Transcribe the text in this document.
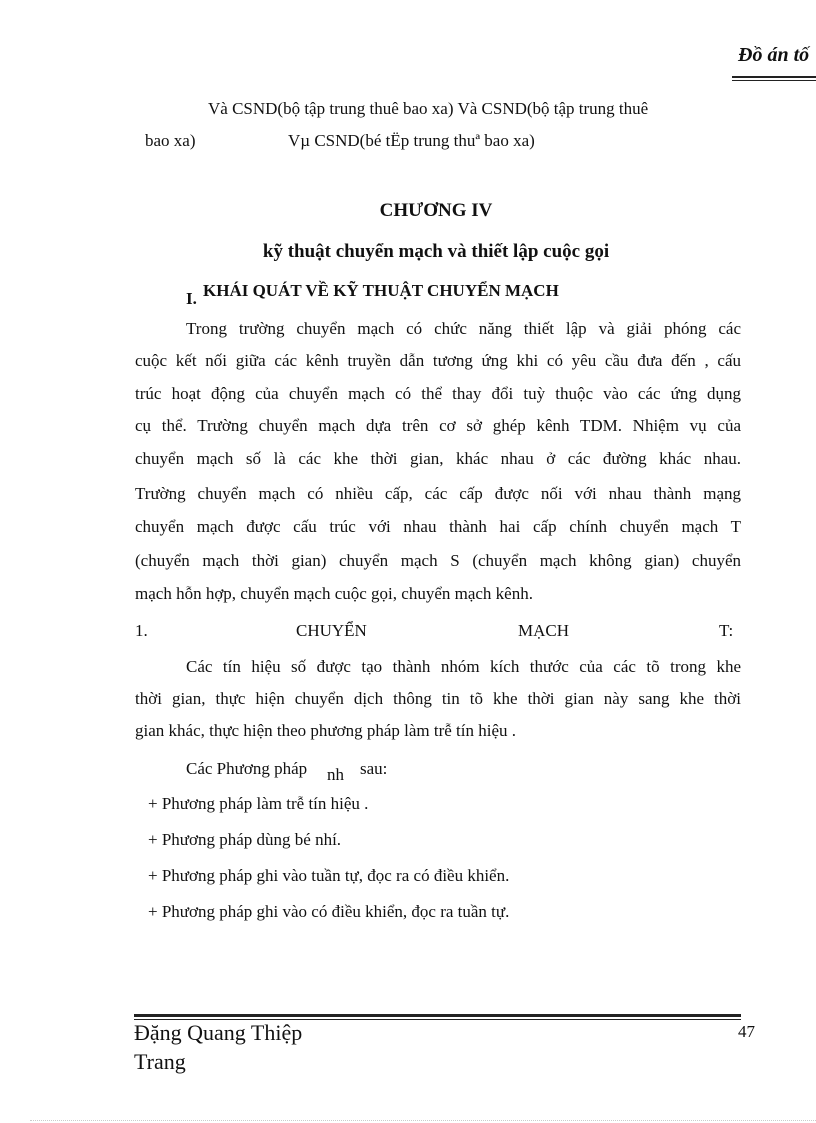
Đồ án tố
Và CSND(bộ tập trung thuê bao xa) Và CSND(bộ tập trung thuê
bao xa)	Vµ CSND(bé tËp trung thuª bao xa)
CHƯƠNG IV
kỹ thuật chuyển mạch và thiết lập cuộc gọi
I. KHÁI QUÁT VỀ KỸ THUẬT CHUYỂN MẠCH
Trong trường chuyển mạch có chức năng thiết lập và giải phóng các
cuộc kết nối giữa các kênh truyền dẫn tương ứng khi có yêu cầu đưa đến , cấu
trúc hoạt động của chuyển mạch có thể thay đổi tuỳ thuộc vào các ứng dụng
cụ thể. Trường chuyển mạch dựa trên cơ sở ghép kênh TDM. Nhiệm vụ của
chuyển mạch số là các khe thời gian, khác nhau ở các đường khác nhau.
Trường chuyển mạch có nhiều cấp, các cấp được nối với nhau thành mạng
chuyển mạch được cấu trúc với nhau thành hai cấp chính chuyển mạch T
(chuyển mạch thời gian) chuyển mạch S (chuyển mạch không gian) chuyển
mạch hỗn hợp, chuyển mạch cuộc gọi, chuyển mạch kênh.
1.	CHUYỂN	MẠCH	T:
Các tín hiệu số được tạo thành nhóm kích thước của các tõ trong khe
thời gian, thực hiện chuyển dịch thông tin tõ khe thời gian này sang khe thời
gian khác, thực hiện theo phương pháp làm trễ tín hiệu .
Các Phương pháp nh sau:
+ Phương pháp làm trễ tín hiệu .
+ Phương pháp dùng bé nhí.
+ Phương pháp ghi vào tuần tự, đọc ra có điều khiển.
+ Phương pháp ghi vào có điều khiển, đọc ra tuần tự.
Đặng Quang Thiệp
Trang
47
